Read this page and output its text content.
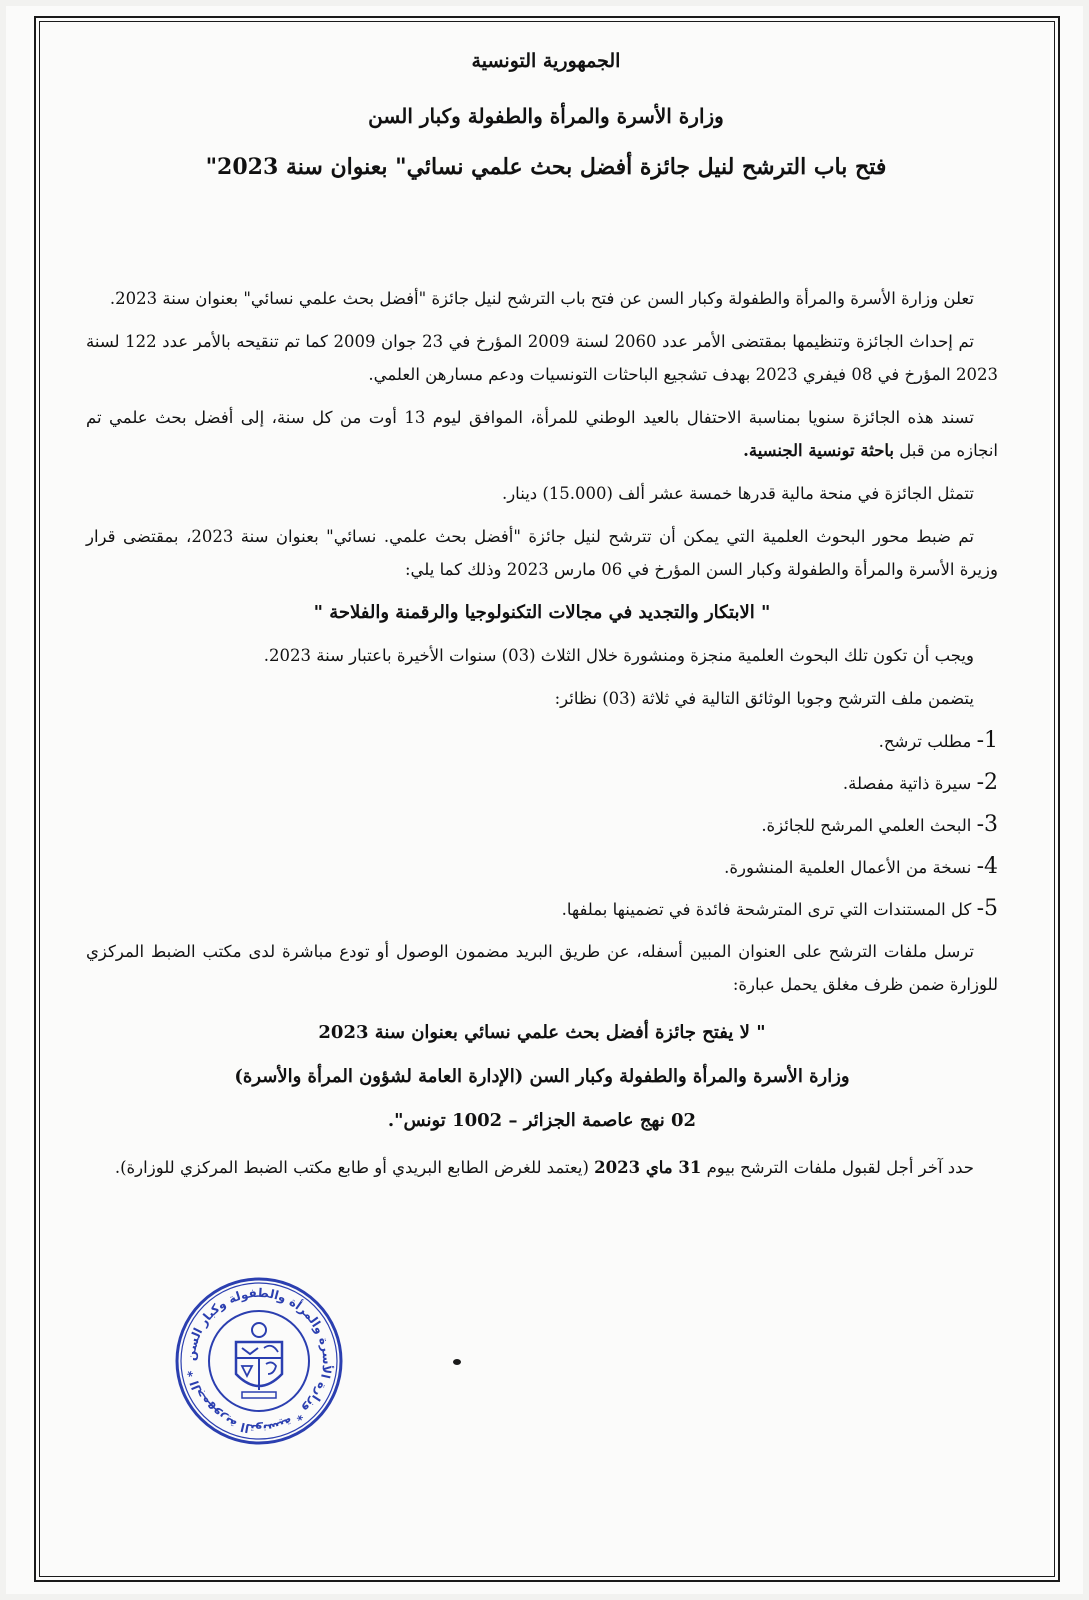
الجمهورية التونسية
وزارة الأسرة والمرأة والطفولة وكبار السن
فتح باب الترشح لنيل جائزة أفضل بحث علمي نسائي" بعنوان سنة 2023"

تعلن وزارة الأسرة والمرأة والطفولة وكبار السن عن فتح باب الترشح لنيل جائزة "أفضل بحث علمي نسائي" بعنوان سنة 2023.

تم إحداث الجائزة وتنظيمها بمقتضى الأمر عدد 2060 لسنة 2009 المؤرخ في 23 جوان 2009 كما تم تنقيحه بالأمر عدد 122 لسنة 2023 المؤرخ في 08 فيفري 2023 بهدف تشجيع الباحثات التونسيات ودعم مسارهن العلمي.

تسند هذه الجائزة سنويا بمناسبة الاحتفال بالعيد الوطني للمرأة، الموافق ليوم 13 أوت من كل سنة، إلى أفضل بحث علمي تم انجازه من قبل باحثة تونسية الجنسية.

تتمثل الجائزة في منحة مالية قدرها خمسة عشر ألف (15.000) دينار.

تم ضبط محور البحوث العلمية التي يمكن أن تترشح لنيل جائزة "أفضل بحث علمي. نسائي" بعنوان سنة 2023، بمقتضى قرار وزيرة الأسرة والمرأة والطفولة وكبار السن المؤرخ في 06 مارس 2023 وذلك كما يلي:

" الابتكار والتجديد في مجالات التكنولوجيا والرقمنة والفلاحة "

ويجب أن تكون تلك البحوث العلمية منجزة ومنشورة خلال الثلاث (03) سنوات الأخيرة باعتبار سنة 2023.

يتضمن ملف الترشح وجوبا الوثائق التالية في ثلاثة (03) نظائر:

1- مطلب ترشح.
2- سيرة ذاتية مفصلة.
3- البحث العلمي المرشح للجائزة.
4- نسخة من الأعمال العلمية المنشورة.
5- كل المستندات التي ترى المترشحة فائدة في تضمينها بملفها.

ترسل ملفات الترشح على العنوان المبين أسفله، عن طريق البريد مضمون الوصول أو تودع مباشرة لدى مكتب الضبط المركزي للوزارة ضمن ظرف مغلق يحمل عبارة:

" لا يفتح جائزة أفضل بحث علمي نسائي بعنوان سنة 2023
وزارة الأسرة والمرأة والطفولة وكبار السن (الإدارة العامة لشؤون المرأة والأسرة)
02 نهج عاصمة الجزائر – 1002 تونس".

حدد آخر أجل لقبول ملفات الترشح بيوم 31 ماي 2023 (يعتمد للغرض الطابع البريدي أو طابع مكتب الضبط المركزي للوزارة).

الجمهورية التونسية * وزارة الأسرة والمرأة والطفولة وكبار السن *
